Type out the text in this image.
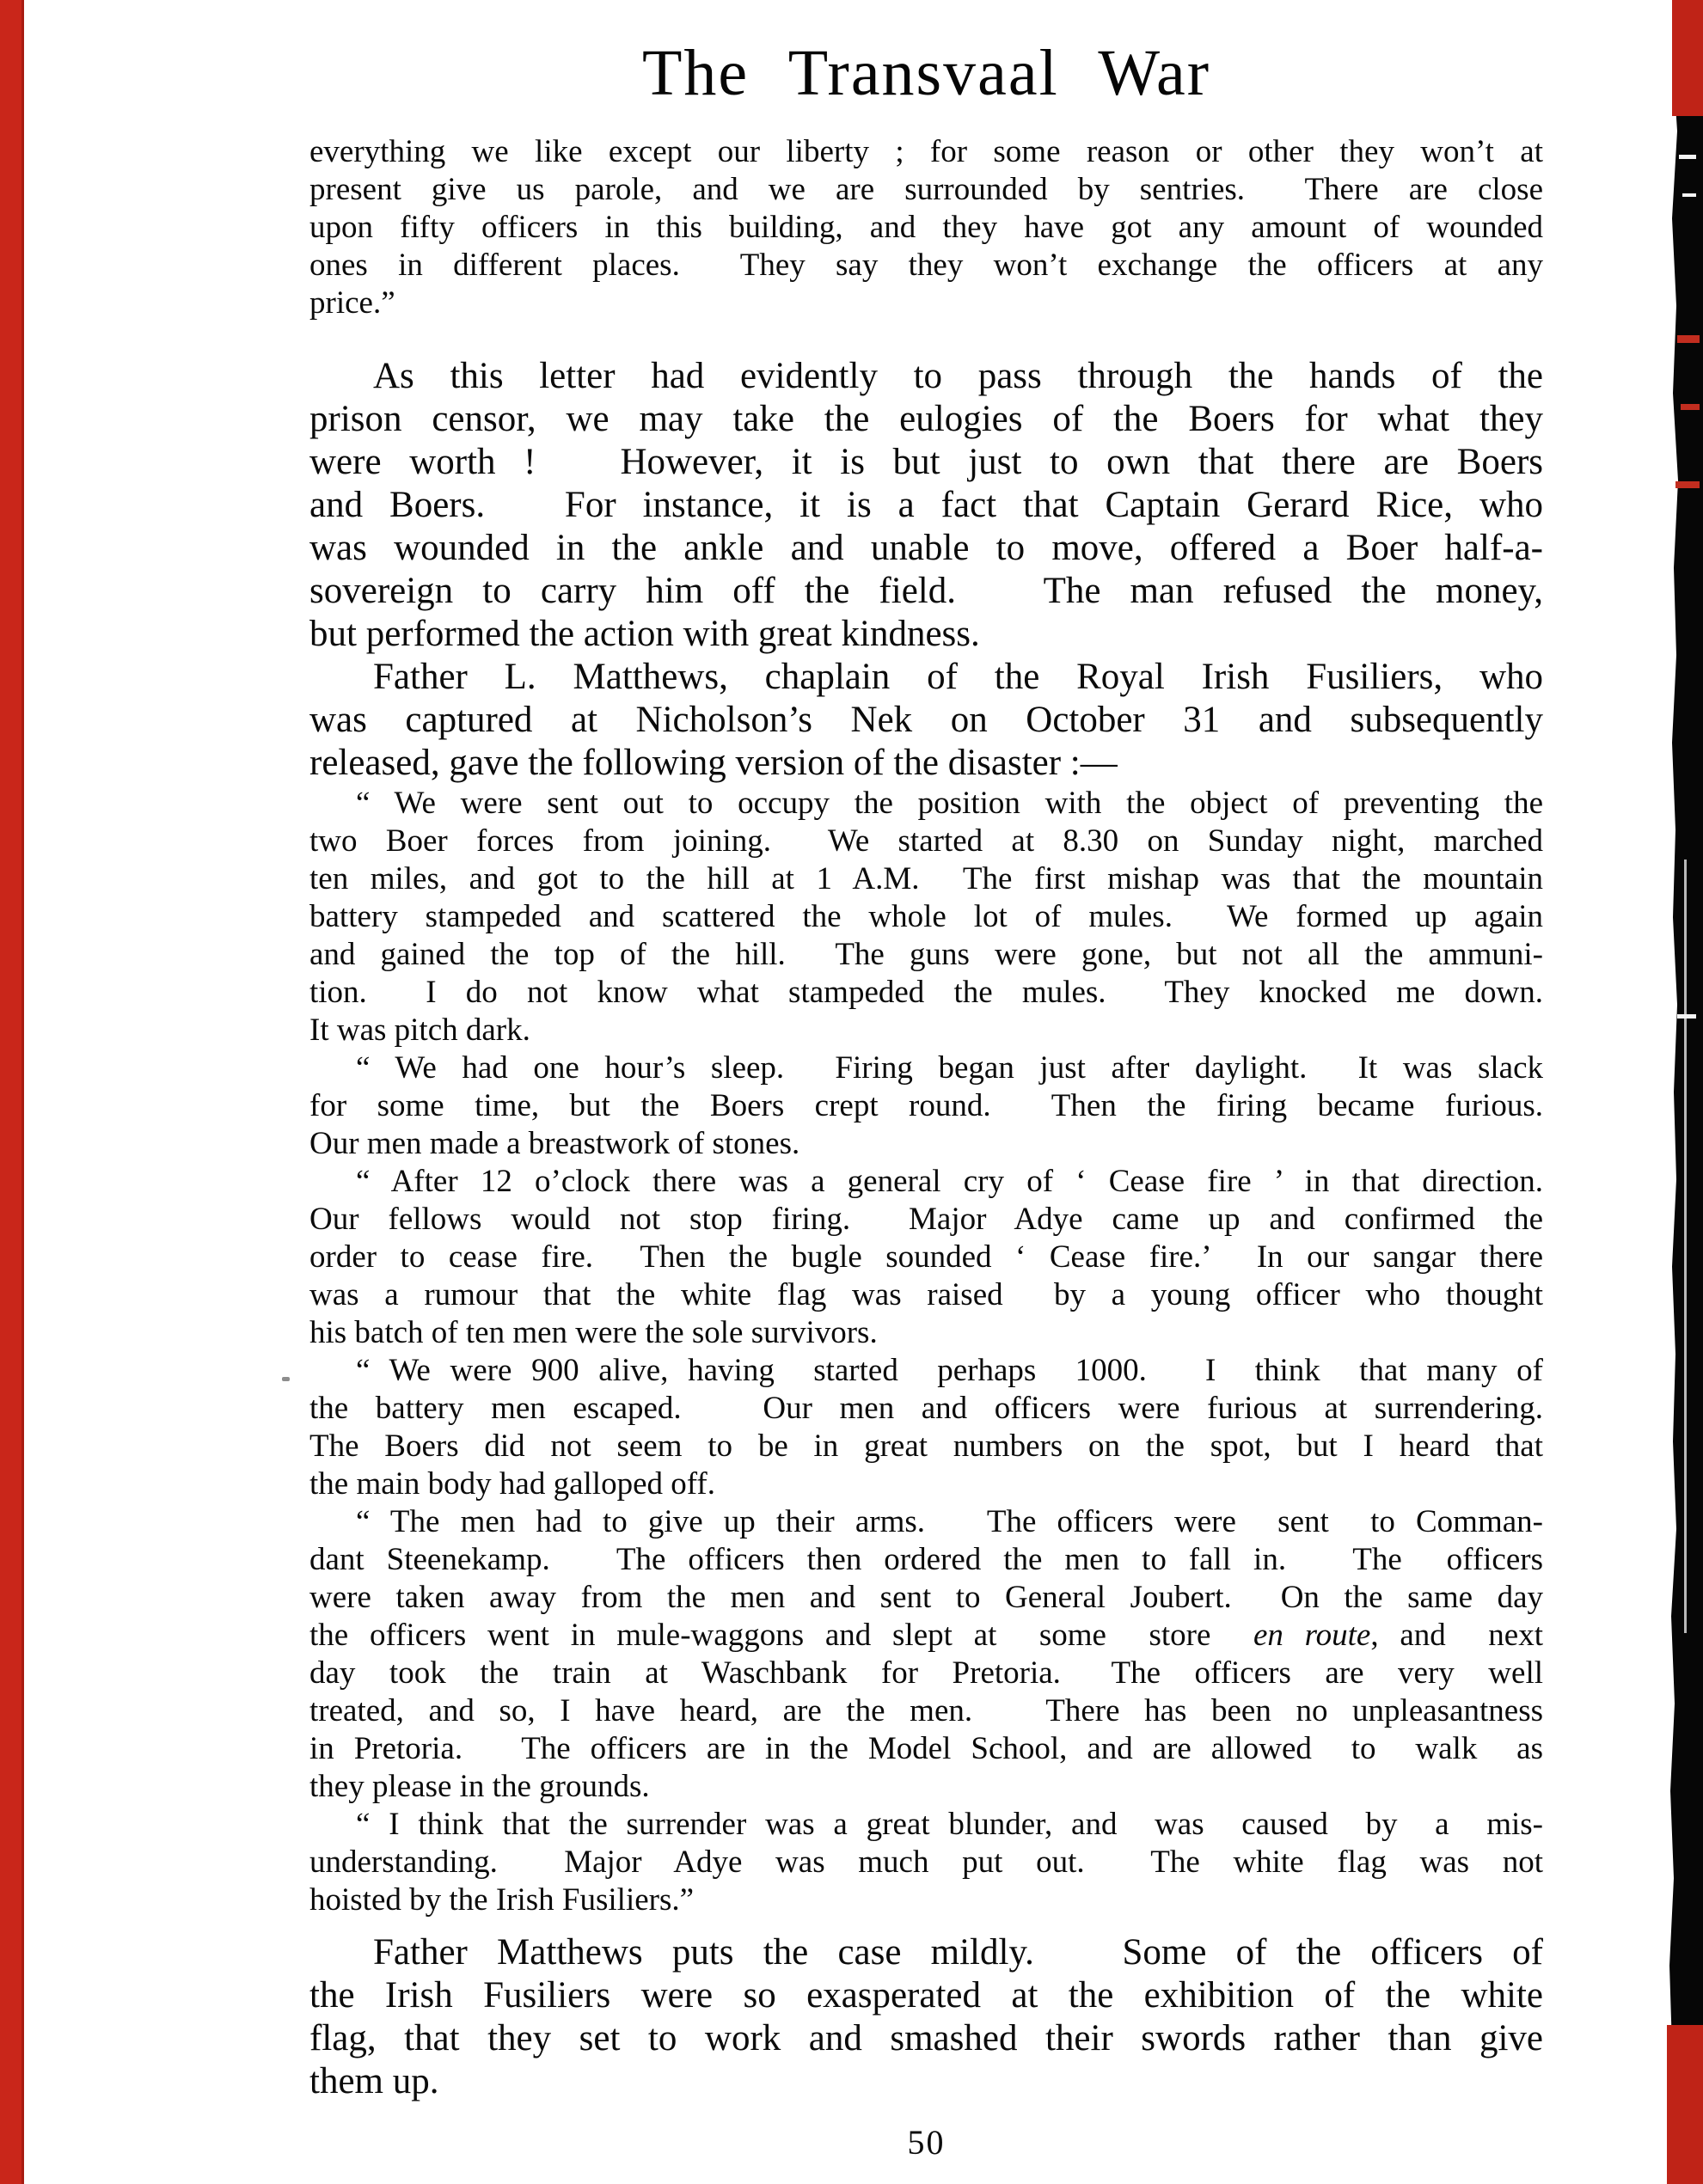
The Transvaal War

everything we like except our liberty ; for some reason or other they won’t at
present give us parole, and we are surrounded by sentries.  There are close
upon fifty officers in this building, and they have got any amount of wounded
ones in different places.  They say they won’t exchange the officers at any
price.”

As this letter had evidently to pass through the hands of the
prison censor, we may take the eulogies of the Boers for what they
were worth !   However, it is but just to own that there are Boers
and Boers.   For instance, it is a fact that Captain Gerard Rice, who
was wounded in the ankle and unable to move, offered a Boer half-a-
sovereign to carry him off the field.   The man refused the money,
but performed the action with great kindness.

Father L. Matthews, chaplain of the Royal Irish Fusiliers, who
was captured at Nicholson’s Nek on October 31 and subsequently
released, gave the following version of the disaster :—

“ We were sent out to occupy the position with the object of preventing the
two Boer forces from joining.  We started at 8.30 on Sunday night, marched
ten miles, and got to the hill at 1 A.M.  The first mishap was that the mountain
battery stampeded and scattered the whole lot of mules.  We formed up again
and gained the top of the hill.  The guns were gone, but not all the ammuni-
tion.  I do not know what stampeded the mules.  They knocked me down.
It was pitch dark.

“ We had one hour’s sleep.  Firing began just after daylight.  It was slack
for some time, but the Boers crept round.  Then the firing became furious.
Our men made a breastwork of stones.

“ After 12 o’clock there was a general cry of ‘ Cease fire ’ in that direction.
Our fellows would not stop firing.  Major Adye came up and confirmed the
order to cease fire.  Then the bugle sounded ‘ Cease fire.’  In our sangar there
was a rumour that the white flag was raised  by a young officer who thought
his batch of ten men were the sole survivors.

“ We were 900 alive, having  started  perhaps  1000.   I  think  that many of
the battery men escaped.   Our men and officers were furious at surrendering.
The Boers did not seem to be in great numbers on the spot, but I heard that
the main body had galloped off.

“ The men had to give up their arms.   The officers were  sent  to Comman-
dant Steenekamp.   The officers then ordered the men to fall in.   The  officers
were taken away from the men and sent to General Joubert.  On the same day
the officers went in mule-waggons and slept at  some  store  en route, and  next
day  took  the  train  at  Waschbank  for  Pretoria.   The  officers  are  very  well
treated, and so, I have heard, are the men.   There has been no unpleasantness
in Pretoria.   The officers are in the Model School, and are allowed  to  walk  as
they please in the grounds.

“ I think that the surrender was a great blunder, and  was  caused  by  a  mis-
understanding.    Major  Adye  was  much  put  out.    The  white  flag  was  not
hoisted by the Irish Fusiliers.”

Father Matthews puts the case mildly.   Some of the officers of
the Irish Fusiliers were so exasperated at the exhibition of the white
flag, that they set to work and smashed their swords rather than give
them up.

50
